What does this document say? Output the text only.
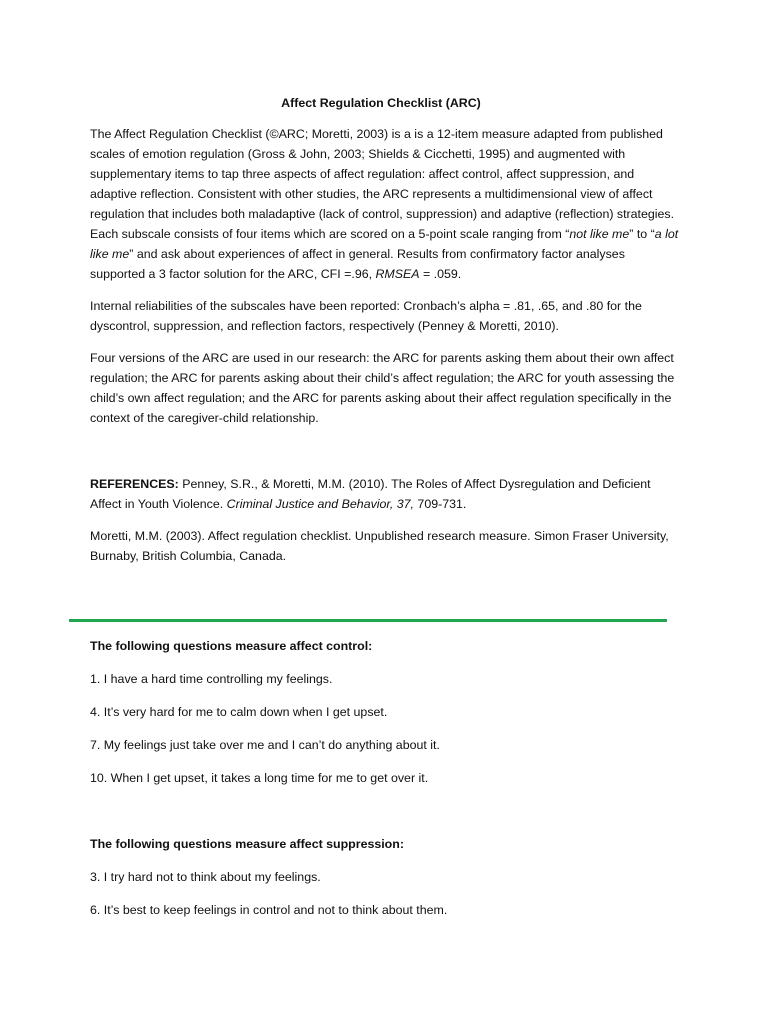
Affect Regulation Checklist (ARC)

The Affect Regulation Checklist (©ARC; Moretti, 2003) is a is a 12-item measure adapted from published scales of emotion regulation (Gross & John, 2003; Shields & Cicchetti, 1995) and augmented with supplementary items to tap three aspects of affect regulation: affect control, affect suppression, and adaptive reflection. Consistent with other studies, the ARC represents a multidimensional view of affect regulation that includes both maladaptive (lack of control, suppression) and adaptive (reflection) strategies. Each subscale consists of four items which are scored on a 5-point scale ranging from “not like me” to “a lot like me” and ask about experiences of affect in general. Results from confirmatory factor analyses supported a 3 factor solution for the ARC, CFI =.96, RMSEA = .059.

Internal reliabilities of the subscales have been reported: Cronbach’s alpha = .81, .65, and .80 for the dyscontrol, suppression, and reflection factors, respectively (Penney & Moretti, 2010).

Four versions of the ARC are used in our research: the ARC for parents asking them about their own affect regulation; the ARC for parents asking about their child’s affect regulation; the ARC for youth assessing the child’s own affect regulation; and the ARC for parents asking about their affect regulation specifically in the context of the caregiver-child relationship.

REFERENCES: Penney, S.R., & Moretti, M.M. (2010). The Roles of Affect Dysregulation and Deficient Affect in Youth Violence. Criminal Justice and Behavior, 37, 709-731.

Moretti, M.M. (2003). Affect regulation checklist. Unpublished research measure. Simon Fraser University, Burnaby, British Columbia, Canada.

The following questions measure affect control:
1. I have a hard time controlling my feelings.
4. It’s very hard for me to calm down when I get upset.
7. My feelings just take over me and I can’t do anything about it.
10. When I get upset, it takes a long time for me to get over it.
The following questions measure affect suppression:
3. I try hard not to think about my feelings.
6. It’s best to keep feelings in control and not to think about them.
